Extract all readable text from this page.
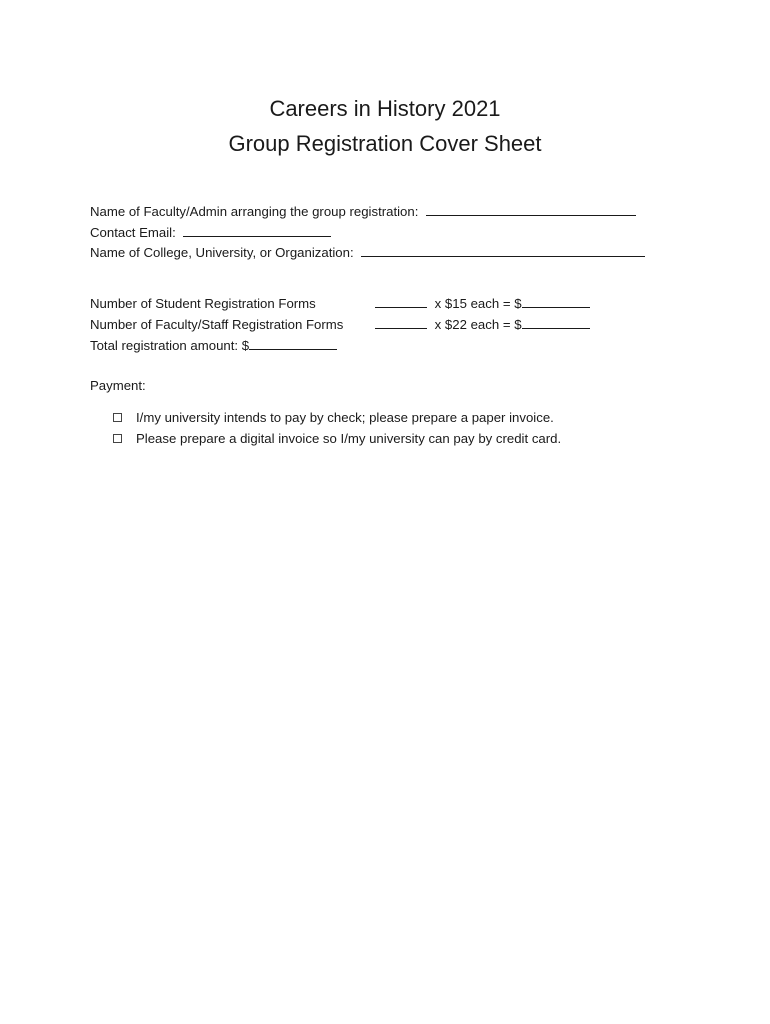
Careers in History 2021
Group Registration Cover Sheet
Name of Faculty/Admin arranging the group registration:
Contact Email:
Name of College, University, or Organization:
Number of Student Registration Forms	x $15 each = $
Number of Faculty/Staff Registration Forms	x $22 each = $
Total registration amount: $
Payment:
I/my university intends to pay by check; please prepare a paper invoice.
Please prepare a digital invoice so I/my university can pay by credit card.
